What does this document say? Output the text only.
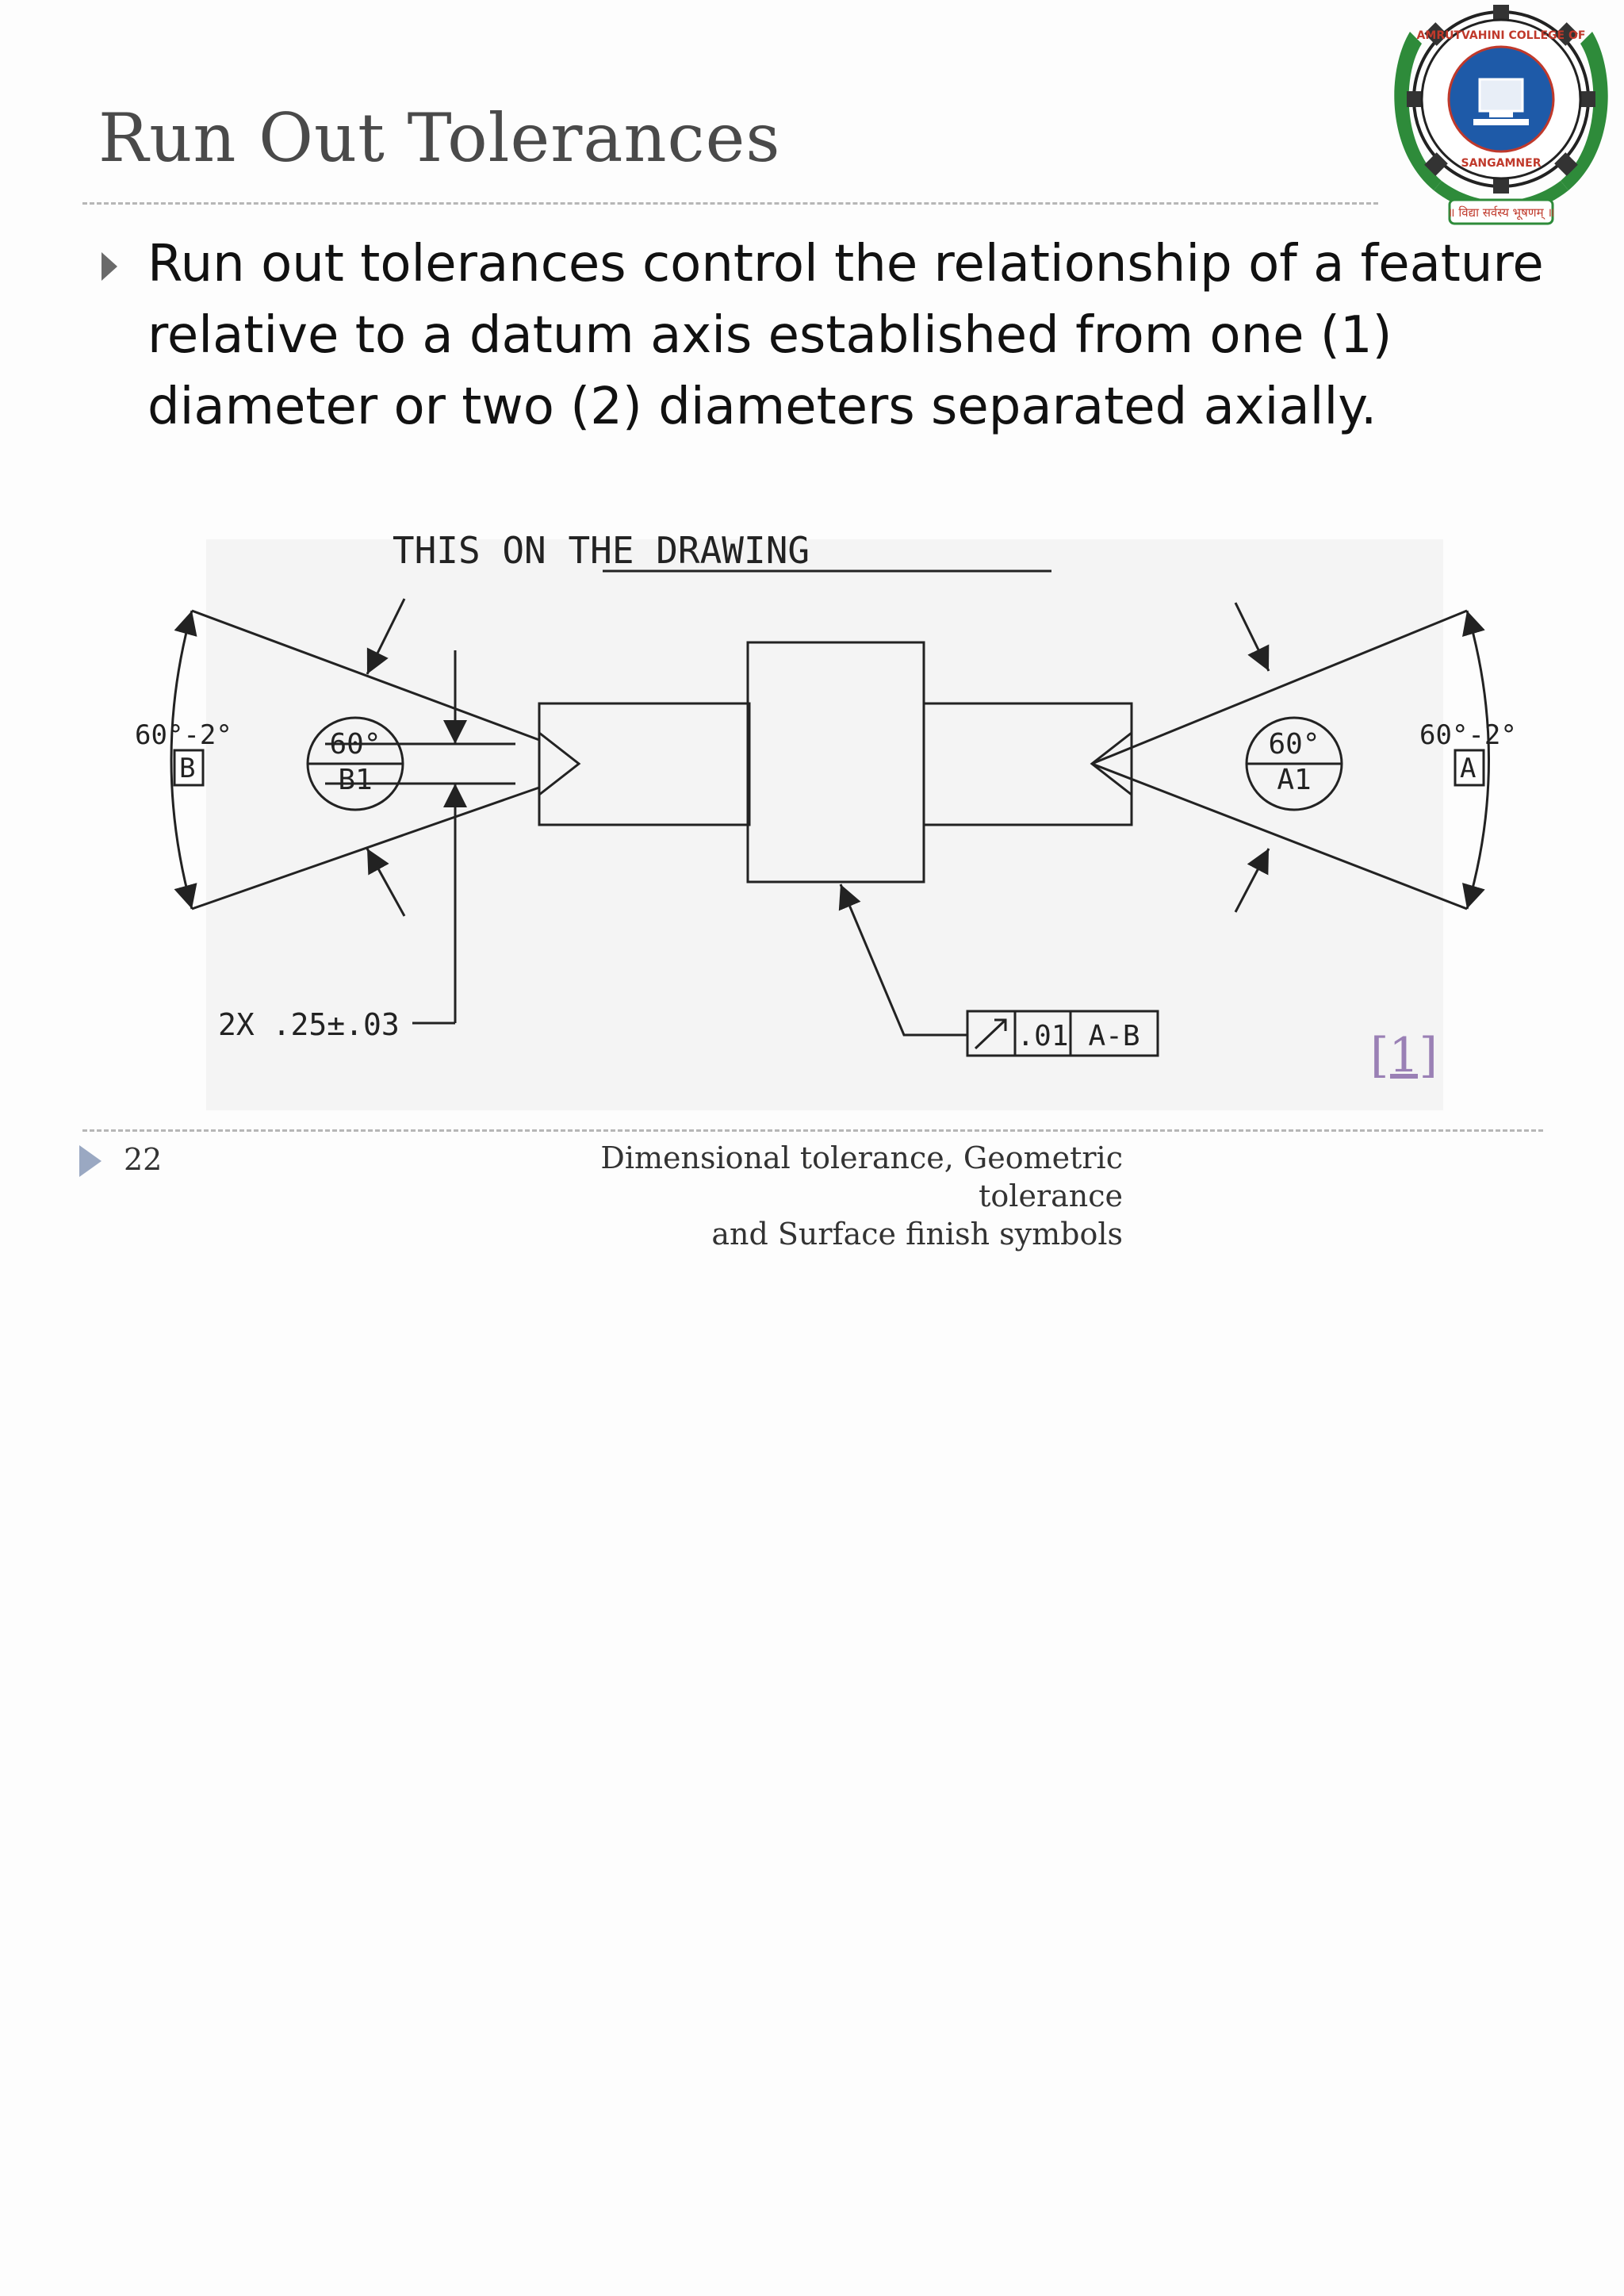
Run Out Tolerances
AMRUTVAHINI COLLEGE OF
SANGAMNER
॥ विद्या सर्वस्य भूषणम् ॥
Run out tolerances control the relationship of a feature relative to a datum axis established from one (1) diameter or two (2) diameters separated axially.
THIS ON THE DRAWING
60°-2°
B
60°
B1
2X .25±.03
60°-2°
A
60°
A1
.01 A-B	[1]
22	Dimensional tolerance, Geometric tolerance
and Surface finish symbols
